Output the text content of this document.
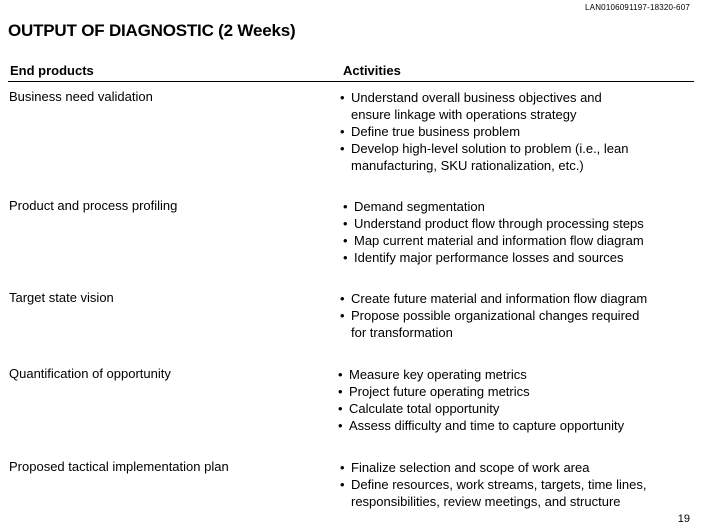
LAN0106091197-18320-607
OUTPUT OF DIAGNOSTIC (2 Weeks)
End products	Activities
Business need validation	• Understand overall business objectives and
ensure linkage with operations strategy
• Define true business problem
• Develop high-level solution to problem (i.e., lean
manufacturing, SKU rationalization, etc.)
Product and process profiling	• Demand segmentation
• Understand product flow through processing steps
• Map current material and information flow diagram
• Identify major performance losses and sources
Target state vision	• Create future material and information flow diagram
• Propose possible organizational changes required
for transformation
Quantification of opportunity	• Measure key operating metrics
• Project future operating metrics
• Calculate total opportunity
• Assess difficulty and time to capture opportunity
Proposed tactical implementation plan	• Finalize selection and scope of work area
• Define resources, work streams, targets, time lines,
responsibilities, review meetings, and structure
19
